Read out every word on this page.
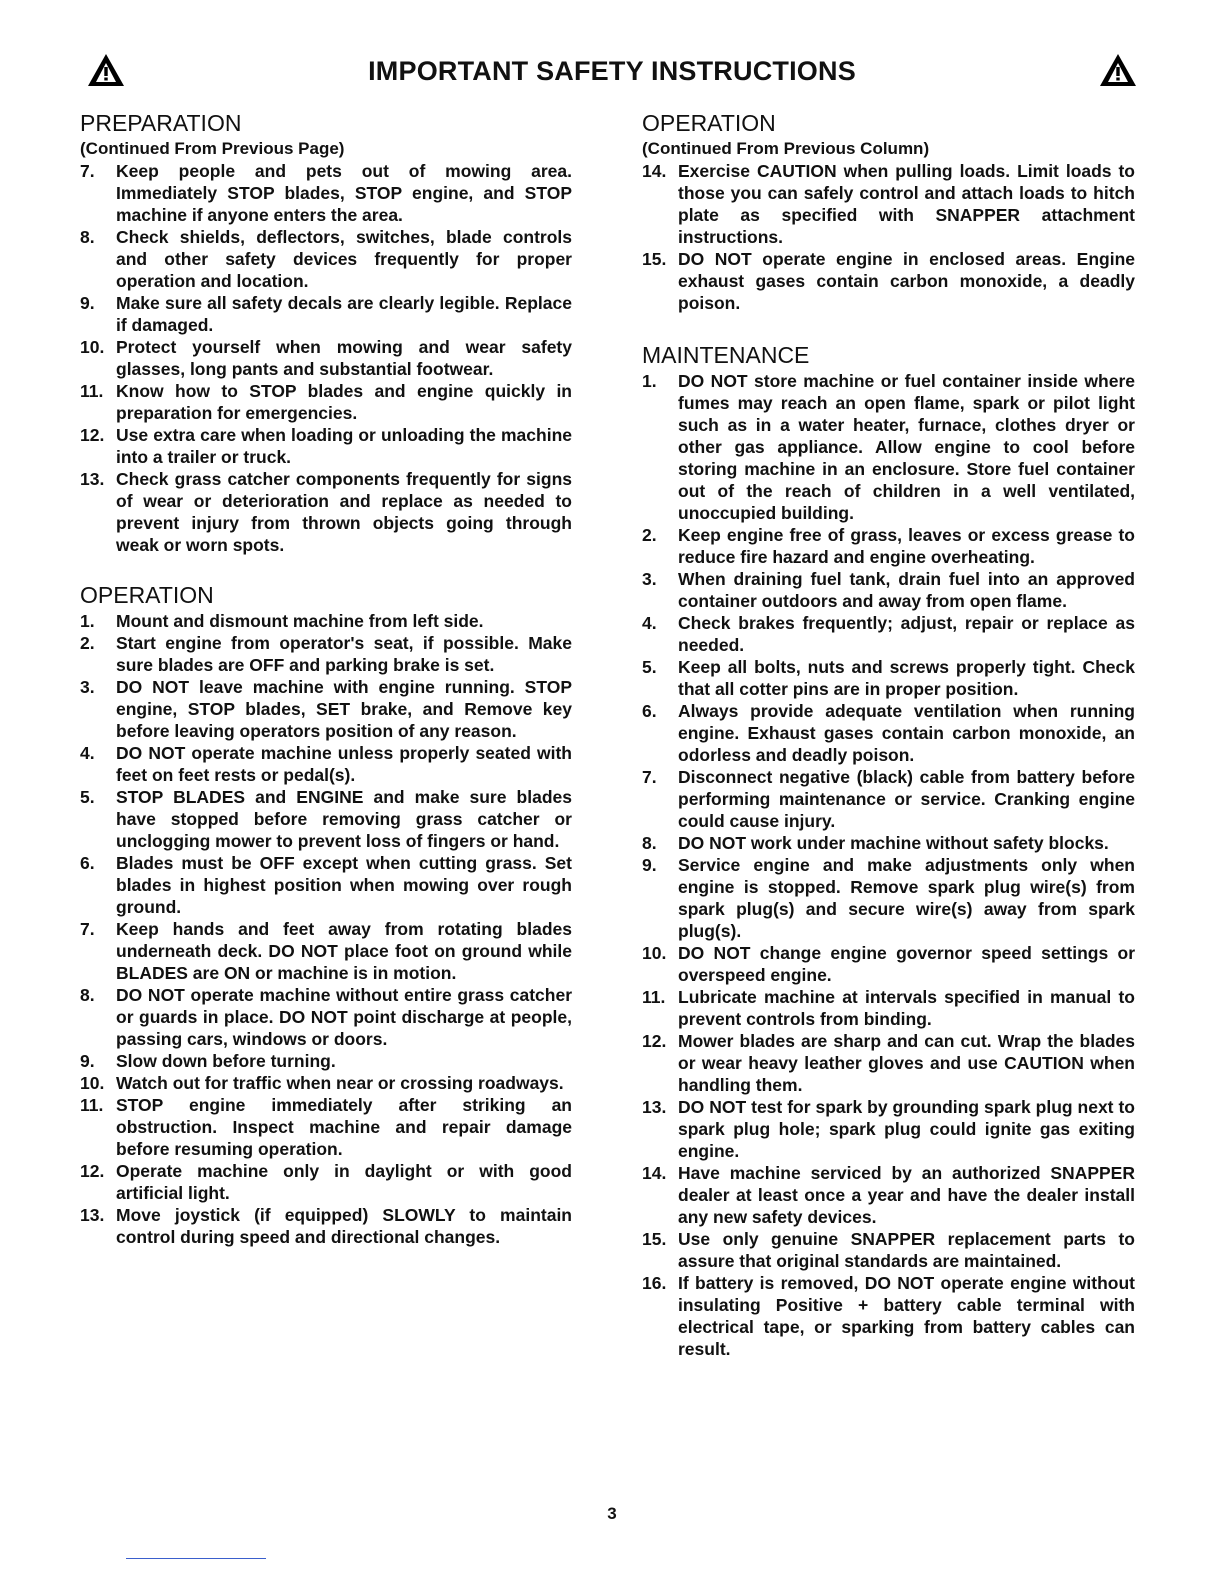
IMPORTANT SAFETY INSTRUCTIONS
PREPARATION
(Continued From Previous Page)
7.	Keep people and pets out of mowing area. Immediately STOP blades, STOP engine, and STOP machine if anyone enters the area.
8.	Check shields, deflectors, switches, blade controls and other safety devices frequently for proper operation and location.
9.	Make sure all safety decals are clearly legible. Replace if damaged.
10. Protect yourself when mowing and wear safety glasses, long pants and substantial footwear.
11. Know how to STOP blades and engine quickly in preparation for emergencies.
12. Use extra care when loading or unloading the machine into a trailer or truck.
13. Check grass catcher components frequently for signs of wear or deterioration and replace as needed to prevent injury from thrown objects going through weak or worn spots.
OPERATION
1.	Mount and dismount machine from left side.
2.	Start engine from operator's seat, if possible. Make sure blades are OFF and parking brake is set.
3.	DO NOT leave machine with engine running. STOP engine, STOP blades, SET brake, and Remove key before leaving operators position of any reason.
4.	DO NOT operate machine unless properly seated with feet on feet rests or pedal(s).
5.	STOP BLADES and ENGINE and make sure blades have stopped before removing grass catcher or unclogging mower to prevent loss of fingers or hand.
6.	Blades must be OFF except when cutting grass. Set blades in highest position when mowing over rough ground.
7.	Keep hands and feet away from rotating blades underneath deck. DO NOT place foot on ground while BLADES are ON or machine is in motion.
8.	DO NOT operate machine without entire grass catcher or guards in place. DO NOT point discharge at people, passing cars, windows or doors.
9.	Slow down before turning.
10. Watch out for traffic when near or crossing roadways.
11. STOP engine immediately after striking an obstruction. Inspect machine and repair damage before resuming operation.
12. Operate machine only in daylight or with good artificial light.
13. Move joystick (if equipped) SLOWLY to maintain control during speed and directional changes.
OPERATION
(Continued From Previous Column)
14. Exercise CAUTION when pulling loads. Limit loads to those you can safely control and attach loads to hitch plate as specified with SNAPPER attachment instructions.
15. DO NOT operate engine in enclosed areas. Engine exhaust gases contain carbon monoxide, a deadly poison.
MAINTENANCE
1.	DO NOT store machine or fuel container inside where fumes may reach an open flame, spark or pilot light such as in a water heater, furnace, clothes dryer or other gas appliance. Allow engine to cool before storing machine in an enclosure. Store fuel container out of the reach of children in a well ventilated, unoccupied building.
2.	Keep engine free of grass, leaves or excess grease to reduce fire hazard and engine overheating.
3.	When draining fuel tank, drain fuel into an approved container outdoors and away from open flame.
4.	Check brakes frequently; adjust, repair or replace as needed.
5.	Keep all bolts, nuts and screws properly tight. Check that all cotter pins are in proper position.
6.	Always provide adequate ventilation when running engine. Exhaust gases contain carbon monoxide, an odorless and deadly poison.
7.	Disconnect negative (black) cable from battery before performing maintenance or service. Cranking engine could cause injury.
8.	DO NOT work under machine without safety blocks.
9.	Service engine and make adjustments only when engine is stopped. Remove spark plug wire(s) from spark plug(s) and secure wire(s) away from spark plug(s).
10. DO NOT change engine governor speed settings or overspeed engine.
11. Lubricate machine at intervals specified in manual to prevent controls from binding.
12. Mower blades are sharp and can cut. Wrap the blades or wear heavy leather gloves and use CAUTION when handling them.
13. DO NOT test for spark by grounding spark plug next to spark plug hole; spark plug could ignite gas exiting engine.
14. Have machine serviced by an authorized SNAPPER dealer at least once a year and have the dealer install any new safety devices.
15. Use only genuine SNAPPER replacement parts to assure that original standards are maintained.
16. If battery is removed, DO NOT operate engine without insulating Positive + battery cable terminal with electrical tape, or sparking from battery cables can result.
3
